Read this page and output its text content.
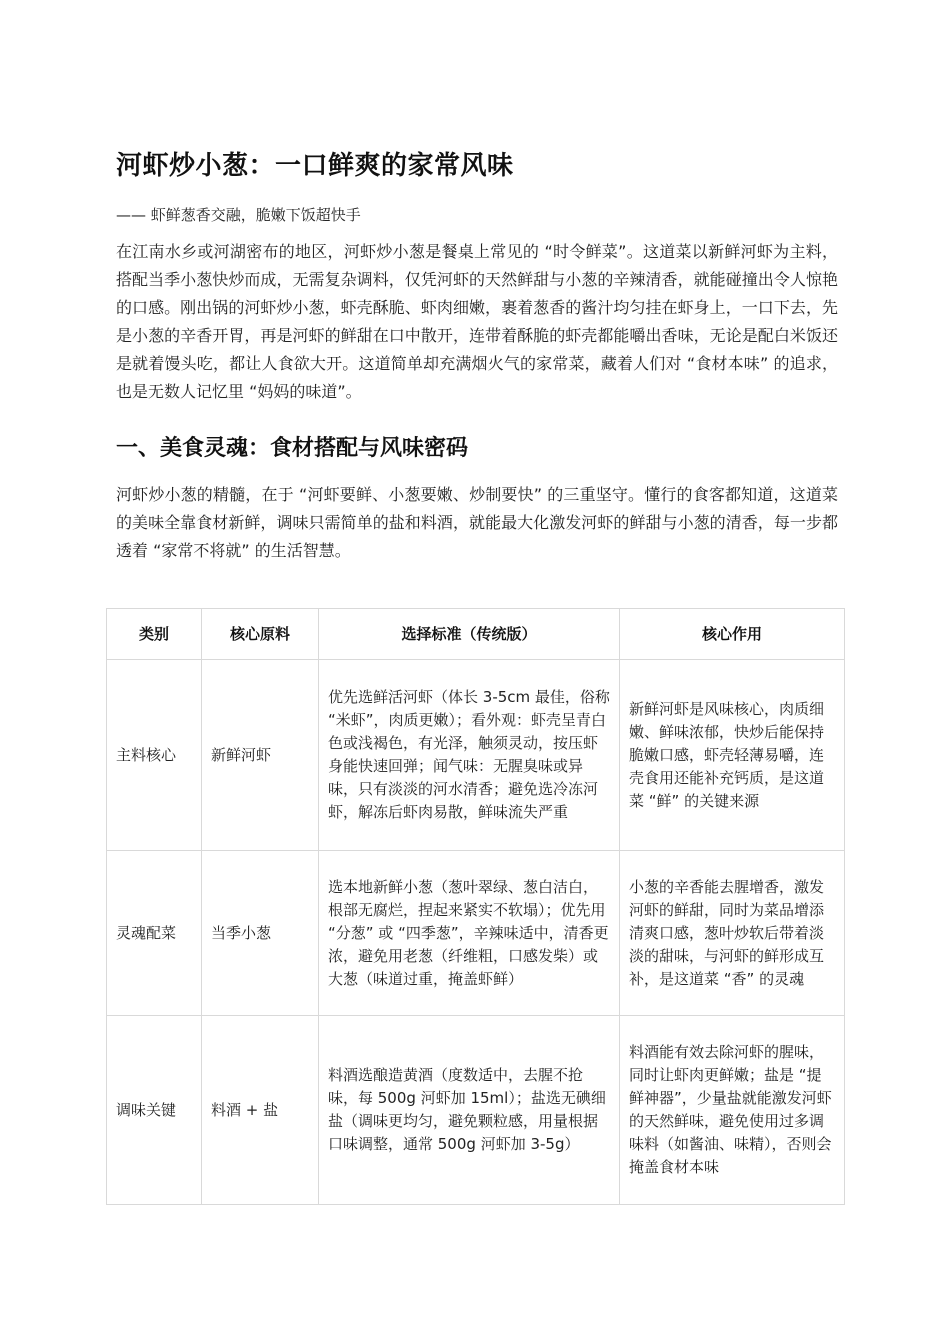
河虾炒小葱：一口鲜爽的家常风味

—— 虾鲜葱香交融，脆嫩下饭超快手

在江南水乡或河湖密布的地区，河虾炒小葱是餐桌上常见的 “时令鲜菜”。这道菜以新鲜河虾为主料，搭配当季小葱快炒而成，无需复杂调料，仅凭河虾的天然鲜甜与小葱的辛辣清香，就能碰撞出令人惊艳的口感。刚出锅的河虾炒小葱，虾壳酥脆、虾肉细嫩，裹着葱香的酱汁均匀挂在虾身上，一口下去，先是小葱的辛香开胃，再是河虾的鲜甜在口中散开，连带着酥脆的虾壳都能嚼出香味，无论是配白米饭还是就着馒头吃，都让人食欲大开。这道简单却充满烟火气的家常菜，藏着人们对 “食材本味” 的追求，也是无数人记忆里 “妈妈的味道”。

一、美食灵魂：食材搭配与风味密码

河虾炒小葱的精髓，在于 “河虾要鲜、小葱要嫩、炒制要快” 的三重坚守。懂行的食客都知道，这道菜的美味全靠食材新鲜，调味只需简单的盐和料酒，就能最大化激发河虾的鲜甜与小葱的清香，每一步都透着 “家常不将就” 的生活智慧。

类别	核心原料	选择标准（传统版）	核心作用
主料核心	新鲜河虾	优先选鲜活河虾（体长 3-5cm 最佳，俗称 “米虾”，肉质更嫩）；看外观：虾壳呈青白色或浅褐色，有光泽，触须灵动，按压虾身能快速回弹；闻气味：无腥臭味或异味，只有淡淡的河水清香；避免选冷冻河虾，解冻后虾肉易散，鲜味流失严重	新鲜河虾是风味核心，肉质细嫩、鲜味浓郁，快炒后能保持脆嫩口感，虾壳轻薄易嚼，连壳食用还能补充钙质，是这道菜 “鲜” 的关键来源
灵魂配菜	当季小葱	选本地新鲜小葱（葱叶翠绿、葱白洁白，根部无腐烂，捏起来紧实不软塌）；优先用 “分葱” 或 “四季葱”，辛辣味适中，清香更浓，避免用老葱（纤维粗，口感发柴）或大葱（味道过重，掩盖虾鲜）	小葱的辛香能去腥增香，激发河虾的鲜甜，同时为菜品增添清爽口感，葱叶炒软后带着淡淡的甜味，与河虾的鲜形成互补，是这道菜 “香” 的灵魂
调味关键	料酒 + 盐	料酒选酿造黄酒（度数适中，去腥不抢味，每 500g 河虾加 15ml）；盐选无碘细盐（调味更均匀，避免颗粒感，用量根据口味调整，通常 500g 河虾加 3-5g）	料酒能有效去除河虾的腥味，同时让虾肉更鲜嫩；盐是 “提鲜神器”，少量盐就能激发河虾的天然鲜味，避免使用过多调味料（如酱油、味精），否则会掩盖食材本味
